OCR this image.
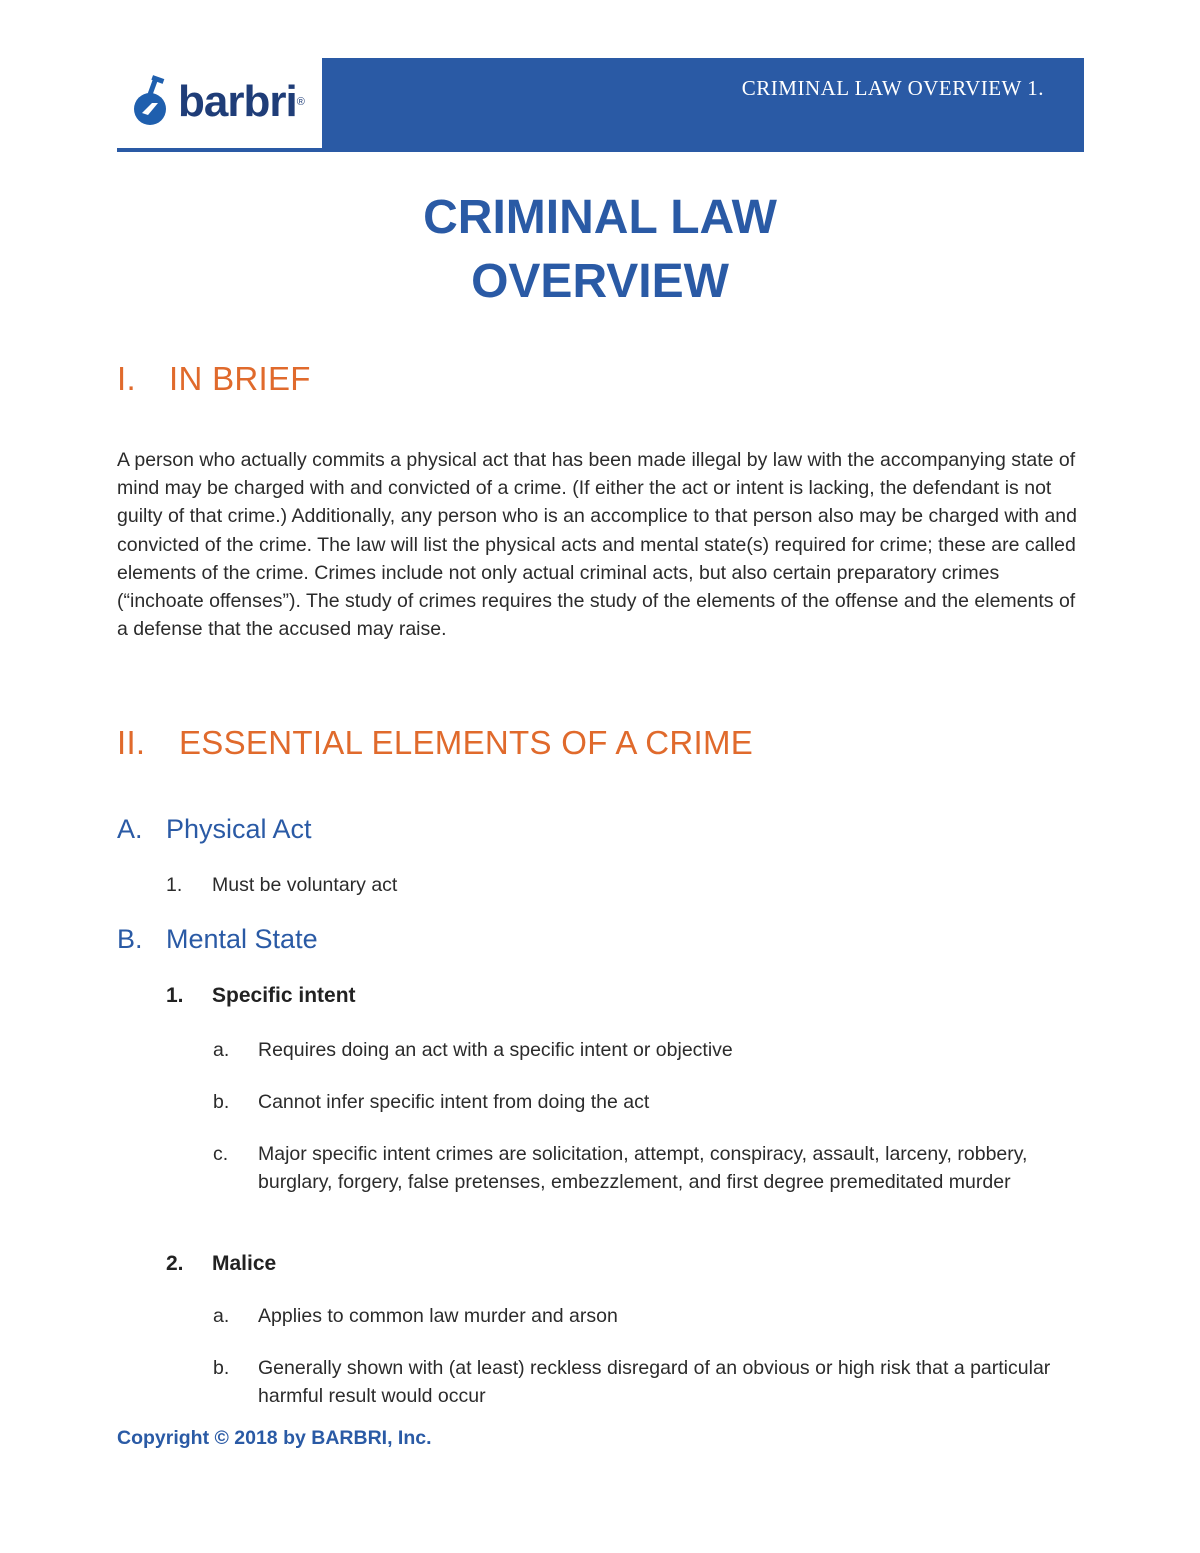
barbri ®
CRIMINAL LAW OVERVIEW 1.
CRIMINAL LAW
OVERVIEW
I. IN BRIEF
A person who actually commits a physical act that has been made illegal by law with the accompanying state of mind may be charged with and convicted of a crime. (If either the act or intent is lacking, the defendant is not guilty of that crime.) Additionally, any person who is an accomplice to that person also may be charged with and convicted of the crime. The law will list the physical acts and mental state(s) required for crime; these are called elements of the crime. Crimes include not only actual criminal acts, but also certain preparatory crimes (“inchoate offenses”). The study of crimes requires the study of the elements of the offense and the elements of a defense that the accused may raise.
II. ESSENTIAL ELEMENTS OF A CRIME
A. Physical Act
1.	Must be voluntary act
B. Mental State
1.	Specific intent
a.	Requires doing an act with a specific intent or objective
b.	Cannot infer specific intent from doing the act
c.	Major specific intent crimes are solicitation, attempt, conspiracy, assault, larceny, robbery, burglary, forgery, false pretenses, embezzlement, and first degree premeditated murder
2.	Malice
a.	Applies to common law murder and arson
b.	Generally shown with (at least) reckless disregard of an obvious or high risk that a particular harmful result would occur
Copyright © 2018 by BARBRI, Inc.
